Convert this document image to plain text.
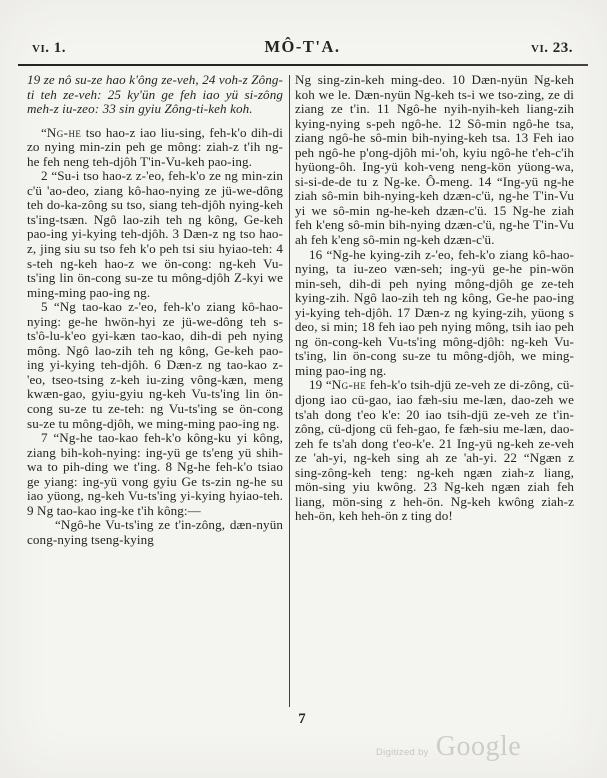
vi. 1.	MÔ-T'A.	vi. 23.

19 ze nô su-ze hao k'ông ze-veh, 24 voh-z Zông-ti teh ze-veh: 25 ky'ün ge feh iao yü si-zông meh-z iu-zeo: 33 sin gyiu Zông-ti-keh koh.

“Ng-he tso hao-z iao liu-sing, feh-k'o dih-di zo nying min-zin peh ge mông: ziah-z t'ih ng-he feh neng teh-djôh T'in-Vu-keh pao-ing.

2 “Su-i tso hao-z z-'eo, feh-k'o ze ng min-zin c'ü 'ao-deo, ziang kô-hao-nying ze jü-we-dông teh do-ka-zông su tso, siang teh-djôh nying-keh ts'ing-tsæn. Ngô lao-zih teh ng kông, Ge-keh pao-ing yi-kying teh-djôh. 3 Dæn-z ng tso hao-z, jing siu su tso feh k'o peh tsi siu hyiao-teh: 4 s-teh ng-keh hao-z we ön-cong: ng-keh Vu-ts'ing lin ön-cong su-ze tu mông-djôh Z-kyi we ming-ming pao-ing ng.

5 “Ng tao-kao z-'eo, feh-k'o ziang kô-hao-nying: ge-he hwön-hyi ze jü-we-dông teh s-ts'ô-lu-k'eo gyi-kæn tao-kao, dih-di peh nying mông. Ngô lao-zih teh ng kông, Ge-keh pao-ing yi-kying teh-djôh. 6 Dæn-z ng tao-kao z-'eo, tseo-tsing z-keh iu-zing vông-kæn, meng kwæn-gao, gyiu-gyiu ng-keh Vu-ts'ing lin ön-cong su-ze tu ze-teh: ng Vu-ts'ing se ön-cong su-ze tu mông-djôh, we ming-ming pao-ing ng.

7 “Ng-he tao-kao feh-k'o kông-ku yi kông, ziang bih-koh-nying: ing-yü ge ts'eng yü shih-wa to pih-ding we t'ing. 8 Ng-he feh-k'o tsiao ge yiang: ing-yü vong gyiu Ge ts-zin ng-he su iao yüong, ng-keh Vu-ts'ing yi-kying hyiao-teh. 9 Ng tao-kao ing-ke t'ih kông:—

“Ngô-he Vu-ts'ing ze t'in-zông, dæn-nyün cong-nying tseng-kying

Ng sing-zin-keh ming-deo. 10 Dæn-nyün Ng-keh koh we le. Dæn-nyün Ng-keh ts-i we tso-zing, ze di ziang ze t'in. 11 Ngô-he nyih-nyih-keh liang-zih kying-nying s-peh ngô-he. 12 Sô-min ngô-he tsa, ziang ngô-he sô-min bih-nying-keh tsa. 13 Feh iao peh ngô-he p'ong-djôh mi-'oh, kyiu ngô-he t'eh-c'ih hyüong-ôh. Ing-yü koh-veng neng-kön yüong-wa, si-si-de-de tu z Ng-ke. Ô-meng. 14 “Ing-yü ng-he ziah sô-min bih-nying-keh dzæn-c'ü, ng-he T'in-Vu yi we sô-min ng-he-keh dzæn-c'ü. 15 Ng-he ziah feh k'eng sô-min bih-nying dzæn-c'ü, ng-he T'in-Vu ah feh k'eng sô-min ng-keh dzæn-c'ü.

16 “Ng-he kying-zih z-'eo, feh-k'o ziang kô-hao-nying, ta iu-zeo væn-seh; ing-yü ge-he pin-wön min-seh, dih-di peh nying mông-djôh ge ze-teh kying-zih. Ngô lao-zih teh ng kông, Ge-he pao-ing yi-kying teh-djôh. 17 Dæn-z ng kying-zih, yüong s deo, si min; 18 feh iao peh nying mông, tsih iao peh ng ön-cong-keh Vu-ts'ing mông-djôh: ng-keh Vu-ts'ing, lin ön-cong su-ze tu mông-djôh, we ming-ming pao-ing ng.

19 “Ng-he feh-k'o tsih-djü ze-veh ze di-zông, cü-djong iao cü-gao, iao fæh-siu me-læn, dao-zeh we ts'ah dong t'eo k'e: 20 iao tsih-djü ze-veh ze t'in-zông, cü-djong cü feh-gao, fe fæh-siu me-læn, dao-zeh fe ts'ah dong t'eo-k'e. 21 Ing-yü ng-keh ze-veh ze 'ah-yi, ng-keh sing ah ze 'ah-yi. 22 “Ngæn z sing-zông-keh teng: ng-keh ngæn ziah-z liang, mön-sing yiu kwông. 23 Ng-keh ngæn ziah feh liang, mön-sing z heh-ön. Ng-keh kwông ziah-z heh-ön, keh heh-ön z ting do!

7
Digitized by Google
